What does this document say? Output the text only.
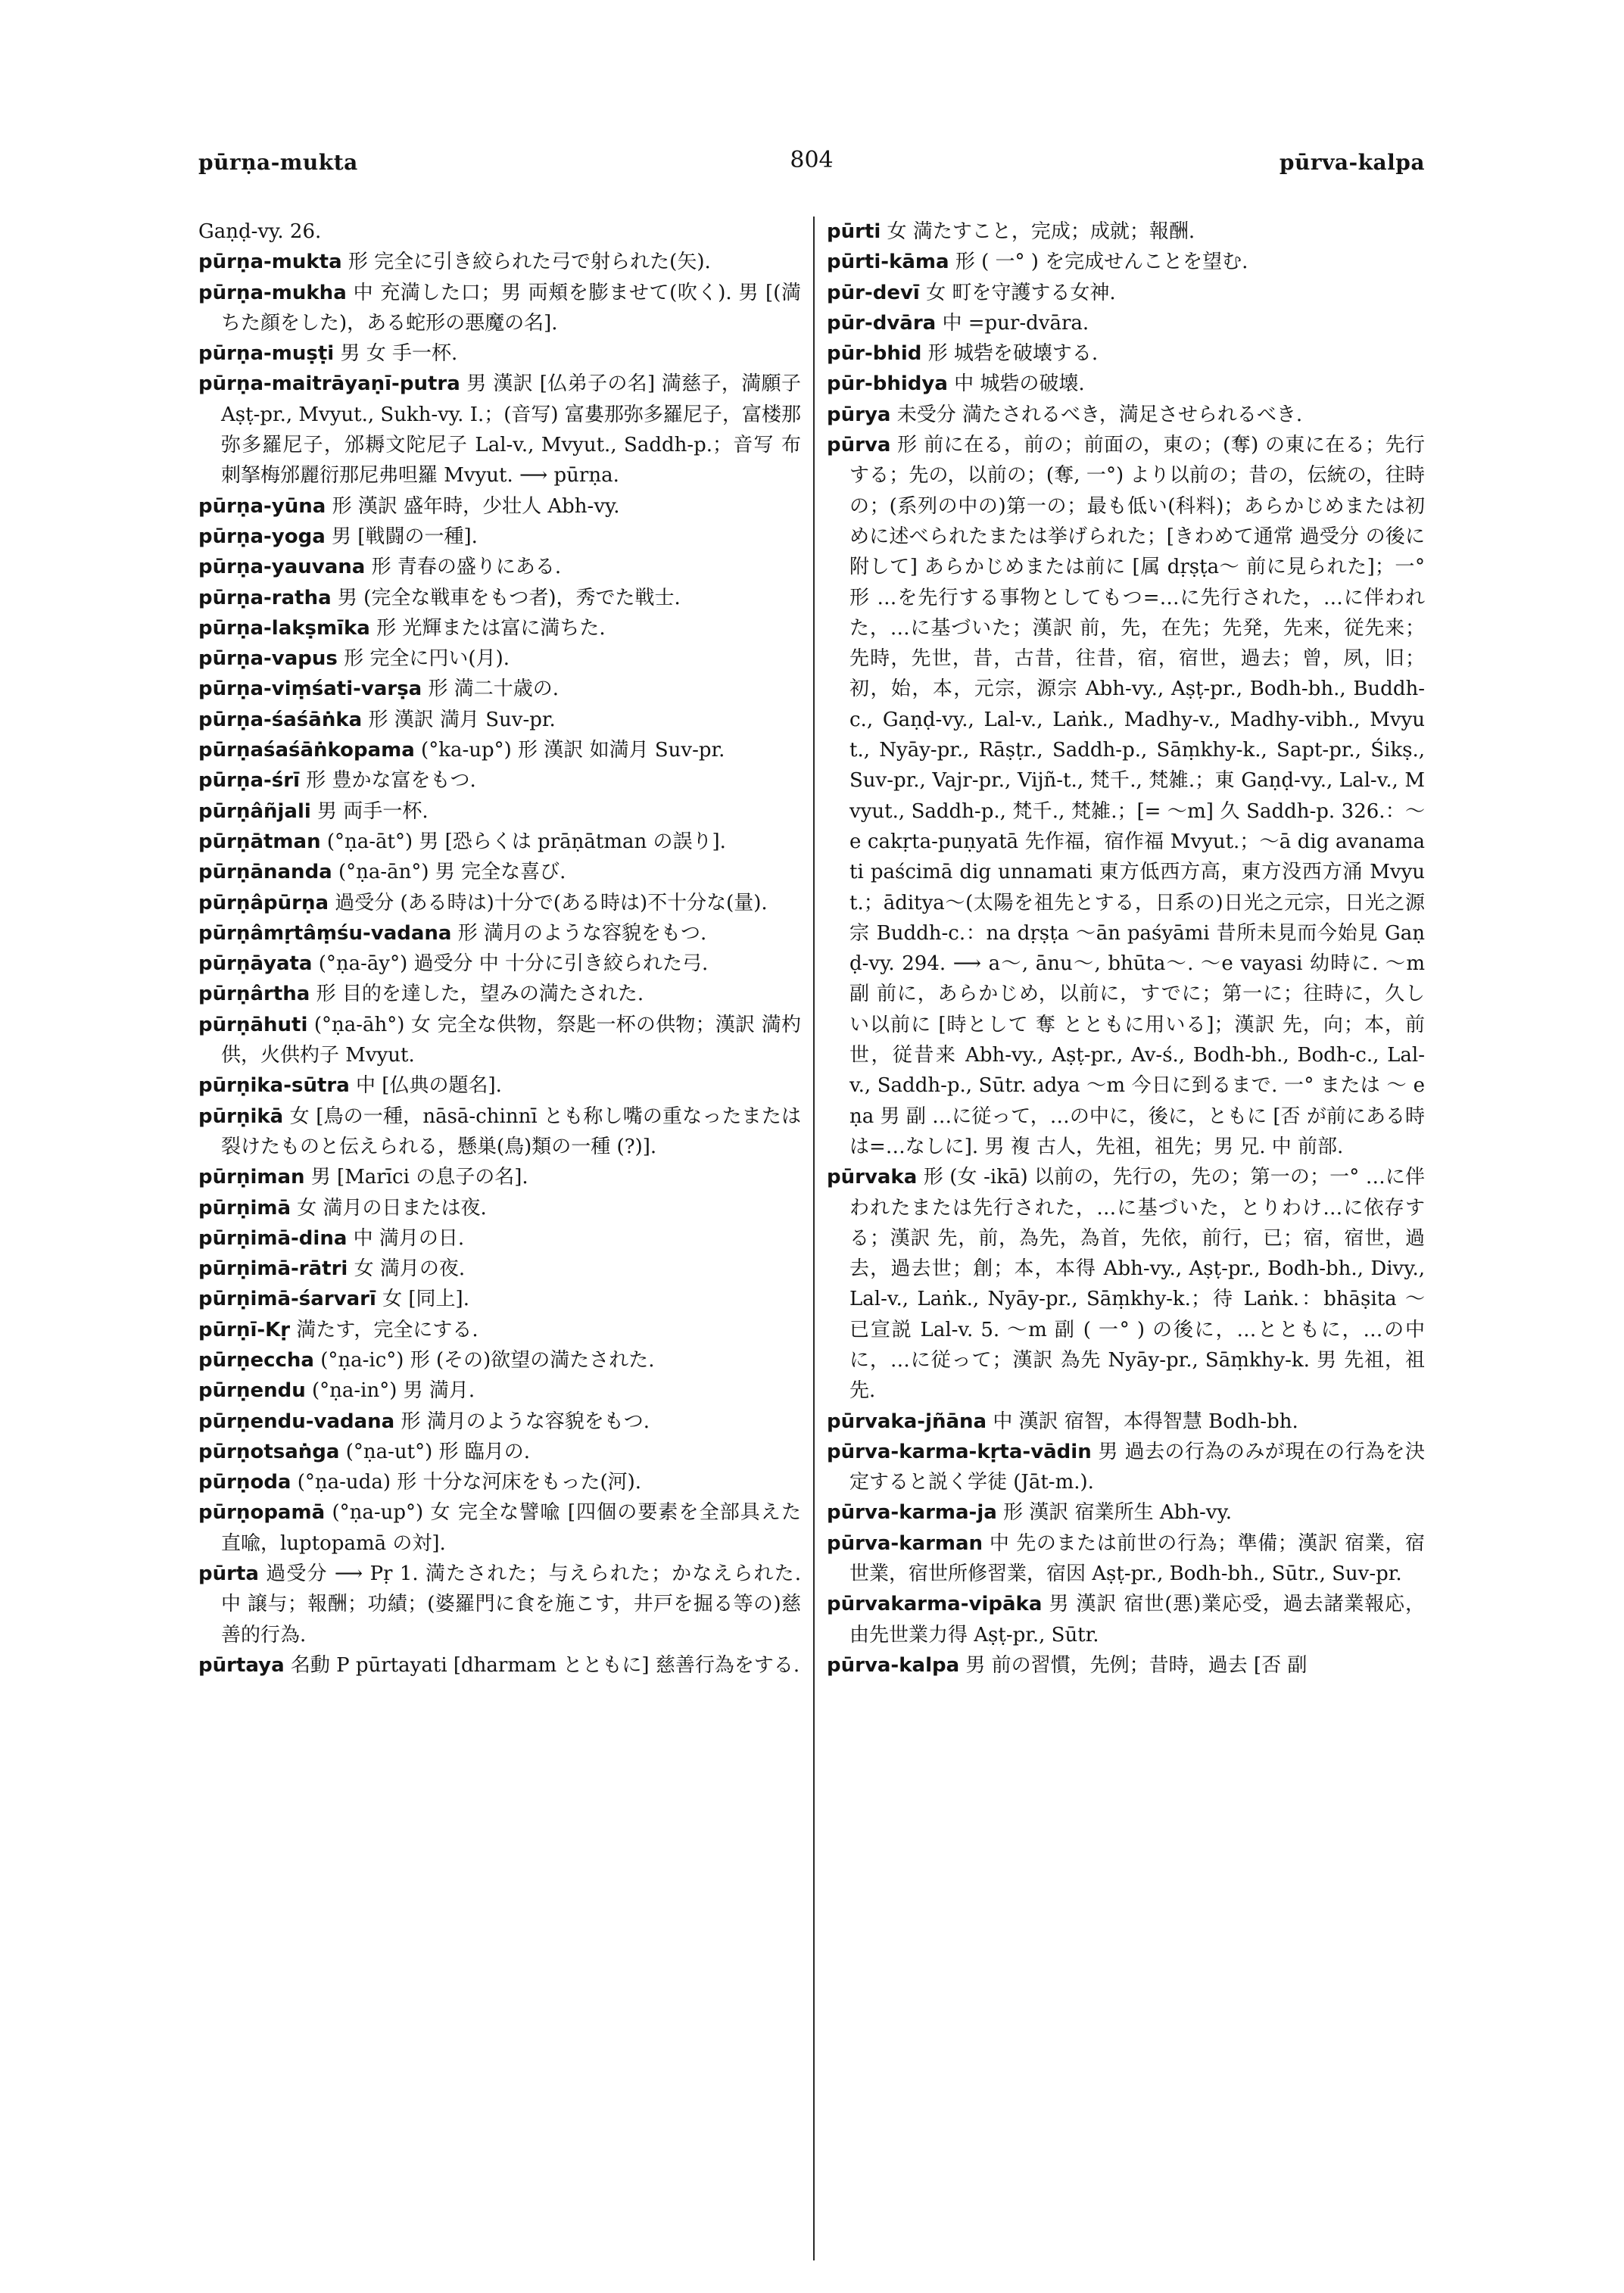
pūrṇa-mukta	804	pūrva-kalpa

Gaṇḍ-vy. 26.

pūrṇa-mukta 形 完全に引き絞られた弓で射られた(矢).

pūrṇa-mukha 中 充満した口；男 両頬を膨ませて(吹く). 男 [(満ちた顔をした)，ある蛇形の悪魔の名].

pūrṇa-muṣṭi 男 女 手一杯.

pūrṇa-maitrāyaṇī-putra 男 漢訳 [仏弟子の名] 満慈子，満願子 Aṣṭ-pr., Mvyut., Sukh-vy. I.；(音写) 富婁那弥多羅尼子，富楼那弥多羅尼子，邠耨文陀尼子 Lal-v., Mvyut., Saddh-p.；音写 布刺拏梅邠麗衍那尼弗呾羅 Mvyut. ⟶ pūrṇa.

pūrṇa-yūna 形 漢訳 盛年時，少壮人 Abh-vy.

pūrṇa-yoga 男 [戦闘の一種].

pūrṇa-yauvana 形 青春の盛りにある.

pūrṇa-ratha 男 (完全な戦車をもつ者)，秀でた戦士.

pūrṇa-lakṣmīka 形 光輝または富に満ちた.

pūrṇa-vapus 形 完全に円い(月).

pūrṇa-viṃśati-varṣa 形 満二十歳の.

pūrṇa-śaśāṅka 形 漢訳 満月 Suv-pr.

pūrṇaśaśāṅkopama (°ka-up°) 形 漢訳 如満月 Suv-pr.

pūrṇa-śrī 形 豊かな富をもつ.

pūrṇâñjali 男 両手一杯.

pūrṇātman (°ṇa-āt°) 男 [恐らくは prāṇātman の誤り].

pūrṇānanda (°ṇa-ān°) 男 完全な喜び.

pūrṇâpūrṇa 過受分 (ある時は)十分で(ある時は)不十分な(量).

pūrṇâmṛtâṃśu-vadana 形 満月のような容貌をもつ.

pūrṇāyata (°ṇa-āy°) 過受分 中 十分に引き絞られた弓.

pūrṇârtha 形 目的を達した，望みの満たされた.

pūrṇāhuti (°ṇa-āh°) 女 完全な供物，祭匙一杯の供物；漢訳 満杓供，火供杓子 Mvyut.

pūrṇika-sūtra 中 [仏典の題名].

pūrṇikā 女 [鳥の一種，nāsā-chinnī とも称し嘴の重なったまたは裂けたものと伝えられる，懸巣(鳥)類の一種 (?)].

pūrṇiman 男 [Marīci の息子の名].

pūrṇimā 女 満月の日または夜.

pūrṇimā-dina 中 満月の日.

pūrṇimā-rātri 女 満月の夜.

pūrṇimā-śarvarī 女 [同上].

pūrṇī-Kṛ 満たす，完全にする.

pūrṇeccha (°ṇa-ic°) 形 (その)欲望の満たされた.

pūrṇendu (°ṇa-in°) 男 満月.

pūrṇendu-vadana 形 満月のような容貌をもつ.

pūrṇotsaṅga (°ṇa-ut°) 形 臨月の.

pūrṇoda (°ṇa-uda) 形 十分な河床をもった(河).

pūrṇopamā (°ṇa-up°) 女 完全な譬喩 [四個の要素を全部具えた直喩，luptopamā の対].

pūrta 過受分 ⟶ Pṛ 1. 満たされた；与えられた；かなえられた. 中 譲与；報酬；功績；(婆羅門に食を施こす，井戸を掘る等の)慈善的行為.

pūrtaya 名動 P pūrtayati [dharmam とともに] 慈善行為をする.

pūrti 女 満たすこと，完成；成就；報酬.

pūrti-kāma 形 ( 一° ) を完成せんことを望む.

pūr-devī 女 町を守護する女神.

pūr-dvāra 中 =pur-dvāra.

pūr-bhid 形 城砦を破壊する.

pūr-bhidya 中 城砦の破壊.

pūrya 未受分 満たされるべき，満足させられるべき.

pūrva 形 前に在る，前の；前面の，東の；(奪) の東に在る；先行する；先の，以前の；(奪, 一°) より以前の；昔の，伝統の，往時の；(系列の中の)第一の；最も低い(科料)；あらかじめまたは初めに述べられたまたは挙げられた；[きわめて通常 過受分 の後に附して] あらかじめまたは前に [属 dṛṣṭa～ 前に見られた]；一° 形 …を先行する事物としてもつ=…に先行された，…に伴われた，…に基づいた；漢訳 前，先，在先；先発，先来，従先来；先時，先世，昔，古昔，往昔，宿，宿世，過去；曾，夙，旧；初，始，本，元宗，源宗 Abh-vy., Aṣṭ-pr., Bodh-bh., Buddh-c., Gaṇḍ-vy., Lal-v., Laṅk., Madhy-v., Madhy-vibh., Mvyut., Nyāy-pr., Rāṣṭr., Saddh-p., Sāṃkhy-k., Sapt-pr., Śikṣ., Suv-pr., Vajr-pr., Vijñ-t., 梵千., 梵雑.；東 Gaṇḍ-vy., Lal-v., Mvyut., Saddh-p., 梵千., 梵雑.；[= ～m] 久 Saddh-p. 326.：～e cakṛta-puṇyatā 先作福，宿作福 Mvyut.；～ā dig avanamati paścimā dig unnamati 東方低西方高，東方没西方涌 Mvyut.；āditya～(太陽を祖先とする，日系の)日光之元宗，日光之源宗 Buddh-c.：na dṛṣṭa ～ān paśyāmi 昔所未見而今始見 Gaṇḍ-vy. 294. ⟶ a～, ānu～, bhūta～. ～e vayasi 幼時に. ～m 副 前に，あらかじめ，以前に，すでに；第一に；往時に，久しい以前に [時として 奪 とともに用いる]；漢訳 先，向；本，前世，従昔来 Abh-vy., Aṣṭ-pr., Av-ś., Bodh-bh., Bodh-c., Lal-v., Saddh-p., Sūtr. adya ～m 今日に到るまで. 一° または ～ eṇa 男 副 …に従って，…の中に，後に，ともに [否 が前にある時は=…なしに]. 男 複 古人，先祖，祖先；男 兄. 中 前部.

pūrvaka 形 (女 -ikā) 以前の，先行の，先の；第一の；一° …に伴われたまたは先行された，…に基づいた，とりわけ…に依存する；漢訳 先，前，為先，為首，先依，前行，已；宿，宿世，過去，過去世；創；本，本得 Abh-vy., Aṣṭ-pr., Bodh-bh., Divy., Lal-v., Laṅk., Nyāy-pr., Sāṃkhy-k.；待 Laṅk.：bhāṣita ～ 已宣説 Lal-v. 5. ～m 副 ( 一° ) の後に，…とともに，…の中に，…に従って；漢訳 為先 Nyāy-pr., Sāṃkhy-k. 男 先祖，祖先.

pūrvaka-jñāna 中 漢訳 宿智，本得智慧 Bodh-bh.

pūrva-karma-kṛta-vādin 男 過去の行為のみが現在の行為を決定すると説く学徒 (Jāt-m.).

pūrva-karma-ja 形 漢訳 宿業所生 Abh-vy.

pūrva-karman 中 先のまたは前世の行為；準備；漢訳 宿業，宿世業，宿世所修習業，宿因 Aṣṭ-pr., Bodh-bh., Sūtr., Suv-pr.

pūrvakarma-vipāka 男 漢訳 宿世(悪)業応受，過去諸業報応，由先世業力得 Aṣṭ-pr., Sūtr.

pūrva-kalpa 男 前の習慣，先例；昔時，過去 [否 副
